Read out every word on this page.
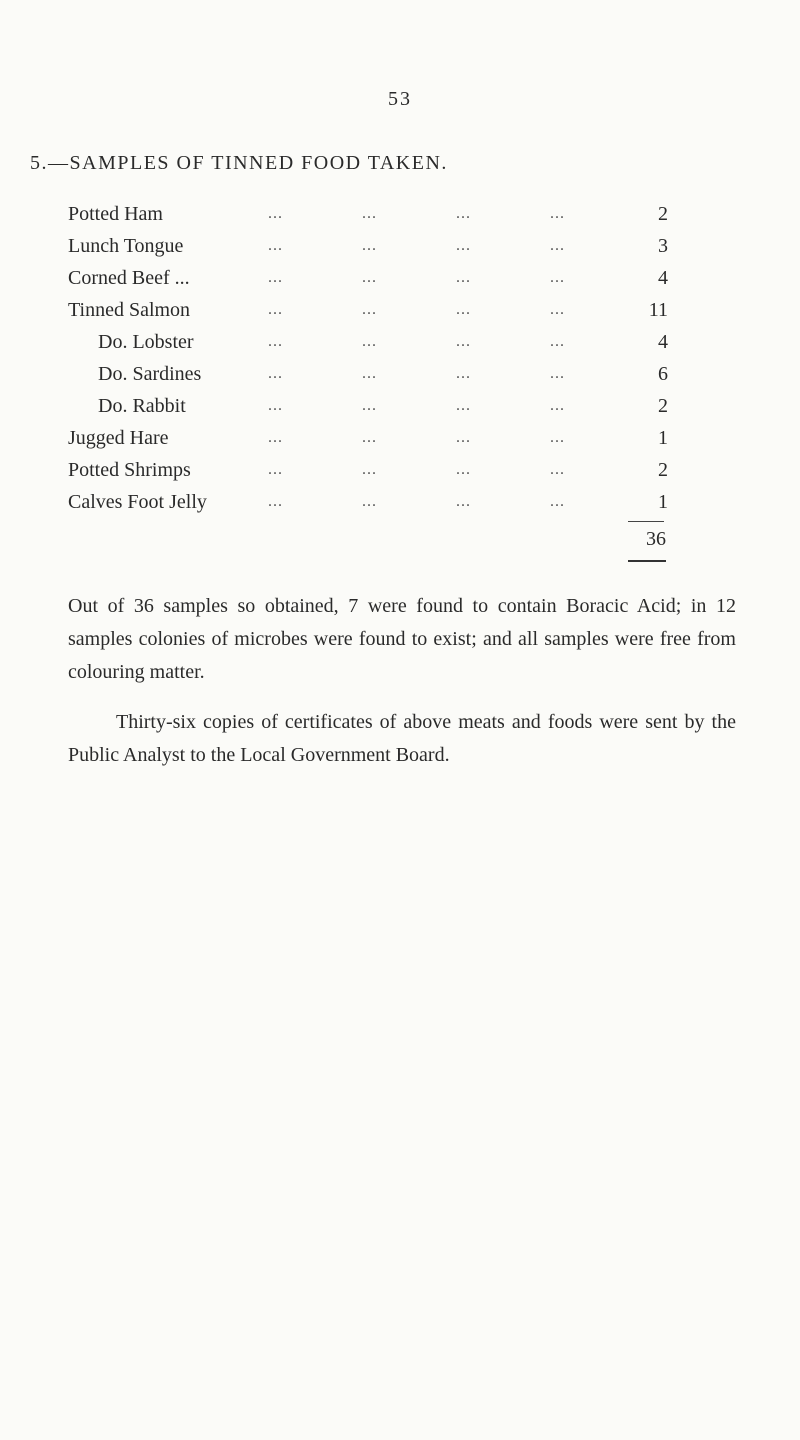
53
5.—SAMPLES OF TINNED FOOD TAKEN.
Potted Ham	...	...	...	...	2
Lunch Tongue	...	...	...	...	3
Corned Beef ...	...	...	...	...	4
Tinned Salmon	...	...	...	...	11
Do. Lobster	...	...	...	...	4
Do. Sardines	...	...	...	...	6
Do. Rabbit	...	...	...	...	2
Jugged Hare	...	...	...	...	1
Potted Shrimps	...	...	...	...	2
Calves Foot Jelly	...	...	...	...	1
36

Out of 36 samples so obtained, 7 were found to contain Boracic Acid; in 12 samples colonies of microbes were found to exist; and all samples were free from colouring matter.

Thirty-six copies of certificates of above meats and foods were sent by the Public Analyst to the Local Government Board.
